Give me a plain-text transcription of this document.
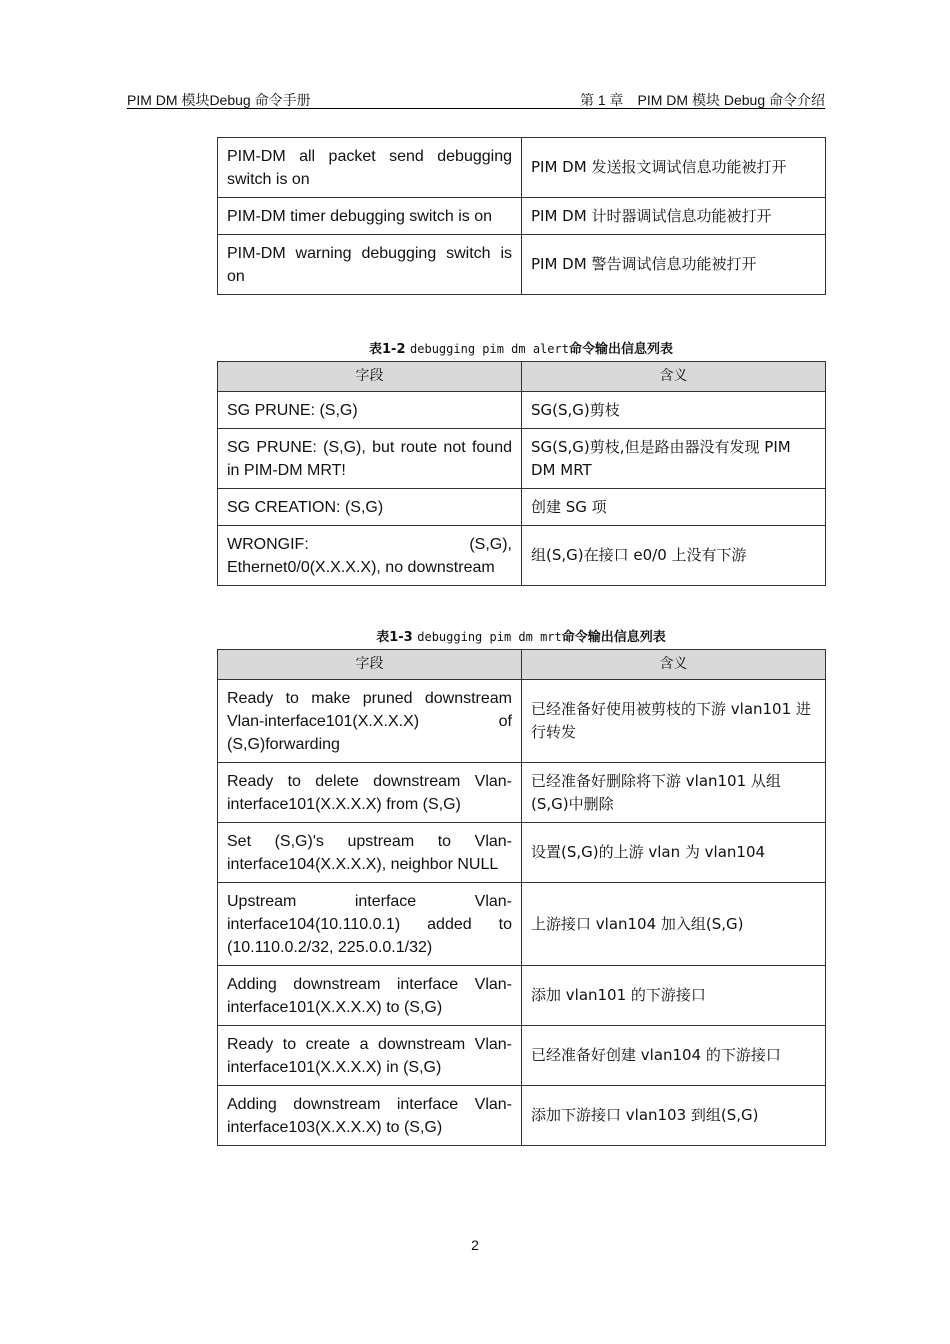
PIM DM 模块Debug 命令手册	第 1 章　PIM DM 模块 Debug 命令介绍
PIM-DM all packet send debugging switch is on	PIM DM 发送报文调试信息功能被打开
PIM-DM timer debugging switch is on	PIM DM 计时器调试信息功能被打开
PIM-DM warning debugging switch is on	PIM DM 警告调试信息功能被打开
表1-2 debugging pim dm alert命令输出信息列表
字段	含义
SG PRUNE: (S,G)	SG(S,G)剪枝
SG PRUNE: (S,G), but route not found in PIM-DM MRT!	SG(S,G)剪枝,但是路由器没有发现 PIM DM MRT
SG CREATION: (S,G)	创建 SG 项
WRONGIF: (S,G), Ethernet0/0(X.X.X.X), no downstream	组(S,G)在接口 e0/0 上没有下游
表1-3 debugging pim dm mrt命令输出信息列表
字段	含义
Ready to make pruned downstream Vlan-interface101(X.X.X.X) of (S,G)forwarding	已经准备好使用被剪枝的下游 vlan101 进行转发
Ready to delete downstream Vlan-interface101(X.X.X.X) from (S,G)	已经准备好删除将下游 vlan101 从组(S,G)中删除
Set (S,G)'s upstream to Vlan-interface104(X.X.X.X), neighbor NULL	设置(S,G)的上游 vlan 为 vlan104
Upstream interface Vlan-interface104(10.110.0.1) added to (10.110.0.2/32, 225.0.0.1/32)	上游接口 vlan104 加入组(S,G)
Adding downstream interface Vlan-interface101(X.X.X.X) to (S,G)	添加 vlan101 的下游接口
Ready to create a downstream Vlan-interface101(X.X.X.X) in (S,G)	已经准备好创建 vlan104 的下游接口
Adding downstream interface Vlan-interface103(X.X.X.X) to (S,G)	添加下游接口 vlan103 到组(S,G)
2
